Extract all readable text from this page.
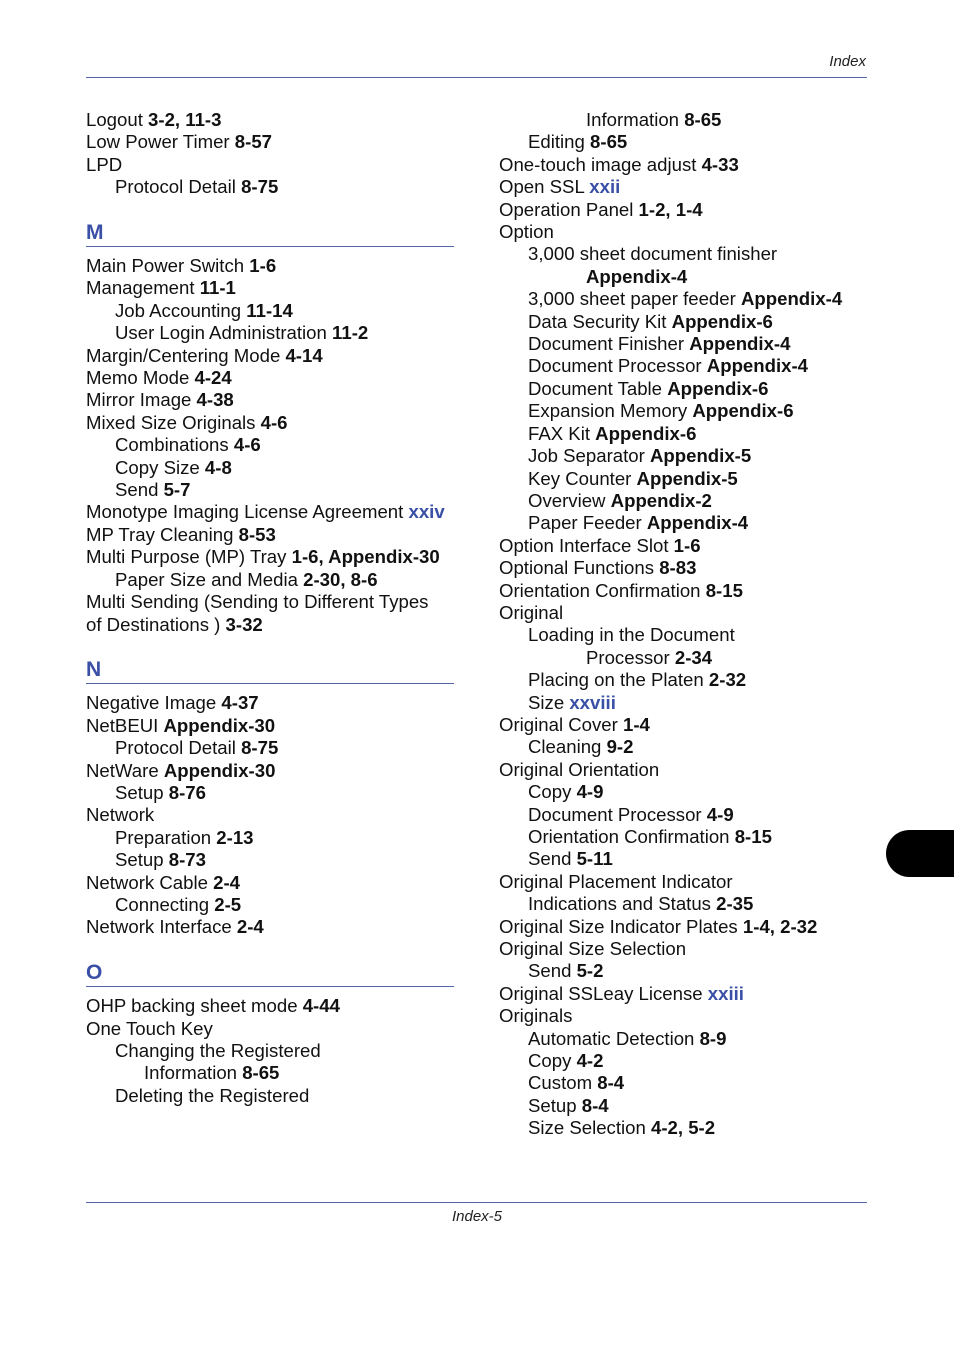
Index
Logout 3-2, 11-3
Low Power Timer 8-57
LPD
Protocol Detail 8-75
M
Main Power Switch 1-6
Management 11-1
Job Accounting 11-14
User Login Administration 11-2
Margin/Centering Mode 4-14
Memo Mode 4-24
Mirror Image 4-38
Mixed Size Originals 4-6
Combinations 4-6
Copy Size 4-8
Send 5-7
Monotype Imaging License Agreement xxiv
MP Tray Cleaning 8-53
Multi Purpose (MP) Tray 1-6, Appendix-30
Paper Size and Media 2-30, 8-6
Multi Sending (Sending to Different Types
of Destinations ) 3-32
N
Negative Image 4-37
NetBEUI Appendix-30
Protocol Detail 8-75
NetWare Appendix-30
Setup 8-76
Network
Preparation 2-13
Setup 8-73
Network Cable 2-4
Connecting 2-5
Network Interface 2-4
O
OHP backing sheet mode 4-44
One Touch Key
Changing the Registered
Information 8-65
Deleting the Registered
Information 8-65
Editing 8-65
One-touch image adjust 4-33
Open SSL xxii
Operation Panel 1-2, 1-4
Option
3,000 sheet document finisher
Appendix-4
3,000 sheet paper feeder Appendix-4
Data Security Kit Appendix-6
Document Finisher Appendix-4
Document Processor Appendix-4
Document Table Appendix-6
Expansion Memory Appendix-6
FAX Kit Appendix-6
Job Separator Appendix-5
Key Counter Appendix-5
Overview Appendix-2
Paper Feeder Appendix-4
Option Interface Slot 1-6
Optional Functions 8-83
Orientation Confirmation 8-15
Original
Loading in the Document
Processor 2-34
Placing on the Platen 2-32
Size xxviii
Original Cover 1-4
Cleaning 9-2
Original Orientation
Copy 4-9
Document Processor 4-9
Orientation Confirmation 8-15
Send 5-11
Original Placement Indicator
Indications and Status 2-35
Original Size Indicator Plates 1-4, 2-32
Original Size Selection
Send 5-2
Original SSLeay License xxiii
Originals
Automatic Detection 8-9
Copy 4-2
Custom 8-4
Setup 8-4
Size Selection 4-2, 5-2
Index-5
